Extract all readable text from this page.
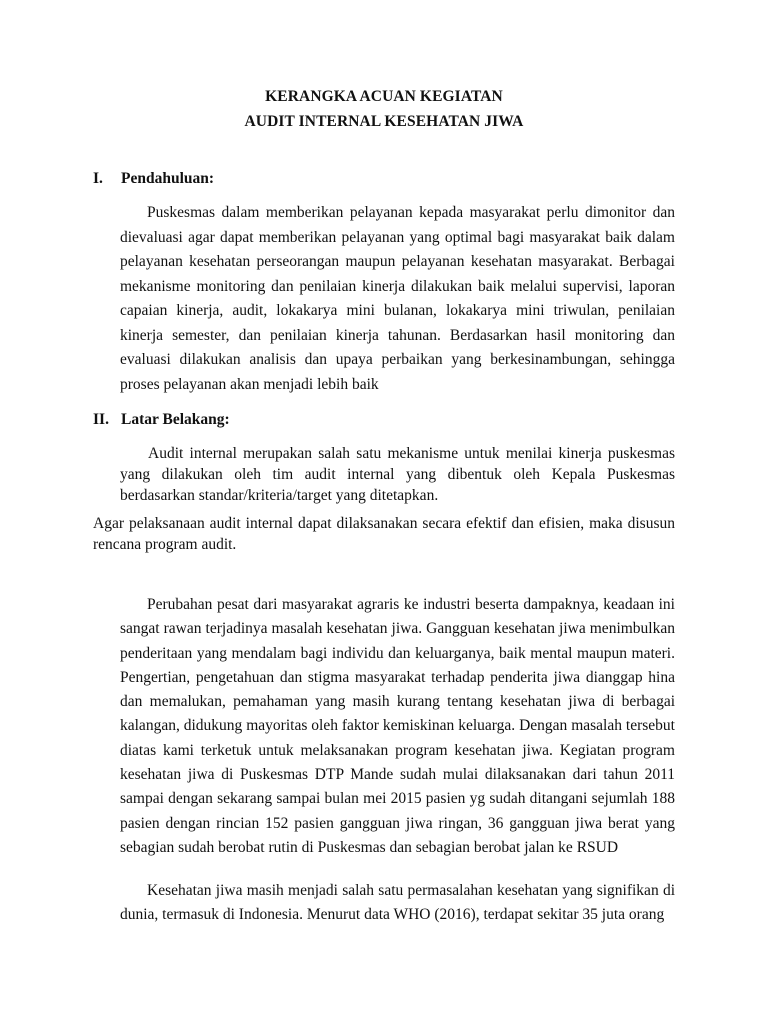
KERANGKA ACUAN KEGIATAN
AUDIT INTERNAL KESEHATAN JIWA
I. Pendahuluan:
Puskesmas dalam memberikan pelayanan kepada masyarakat perlu dimonitor dan dievaluasi agar dapat memberikan pelayanan yang optimal bagi masyarakat baik dalam pelayanan kesehatan perseorangan maupun pelayanan kesehatan masyarakat. Berbagai mekanisme monitoring dan penilaian kinerja dilakukan baik melalui supervisi, laporan capaian kinerja, audit, lokakarya mini bulanan, lokakarya mini triwulan, penilaian kinerja semester, dan penilaian kinerja tahunan. Berdasarkan hasil monitoring dan evaluasi dilakukan analisis dan upaya perbaikan yang berkesinambungan, sehingga proses pelayanan akan menjadi lebih baik
II. Latar Belakang:
Audit internal merupakan salah satu mekanisme untuk menilai kinerja puskesmas yang dilakukan oleh tim audit internal yang dibentuk oleh Kepala Puskesmas berdasarkan standar/kriteria/target yang ditetapkan.
Agar pelaksanaan audit internal dapat dilaksanakan secara efektif dan efisien, maka disusun rencana program audit.
Perubahan pesat dari masyarakat agraris ke industri beserta dampaknya, keadaan ini sangat rawan terjadinya masalah kesehatan jiwa. Gangguan kesehatan jiwa menimbulkan penderitaan yang mendalam bagi individu dan keluarganya, baik mental maupun materi. Pengertian, pengetahuan dan stigma masyarakat terhadap penderita jiwa dianggap hina dan memalukan, pemahaman yang masih kurang tentang kesehatan jiwa di berbagai kalangan, didukung mayoritas oleh faktor kemiskinan keluarga. Dengan masalah tersebut diatas kami terketuk untuk melaksanakan program kesehatan jiwa. Kegiatan program kesehatan jiwa di Puskesmas DTP Mande sudah mulai dilaksanakan dari tahun 2011 sampai dengan sekarang sampai bulan mei 2015 pasien yg sudah ditangani sejumlah 188 pasien dengan rincian 152 pasien gangguan jiwa ringan, 36 gangguan jiwa berat yang sebagian sudah berobat rutin di Puskesmas dan sebagian berobat jalan ke RSUD
Kesehatan jiwa masih menjadi salah satu permasalahan kesehatan yang signifikan di dunia, termasuk di Indonesia. Menurut data WHO (2016), terdapat sekitar 35 juta orang
